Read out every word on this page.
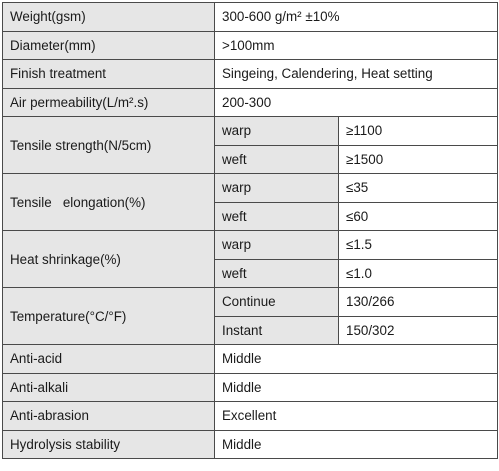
Weight(gsm)	300-600 g/m² ±10%	
Diameter(mm)	>100mm	
Finish treatment	Singeing, Calendering, Heat setting	
Air permeability(L/m².s)	200-300	
Tensile strength(N/5cm)	warp	≥1100
	weft	≥1500
Tensile   elongation(%)	warp	≤35
	weft	≤60
Heat shrinkage(%)	warp	≤1.5
	weft	≤1.0
Temperature(°C/°F)	Continue	130/266
	Instant	150/302
Anti-acid	Middle	
Anti-alkali	Middle	
Anti-abrasion	Excellent	
Hydrolysis stability	Middle	
